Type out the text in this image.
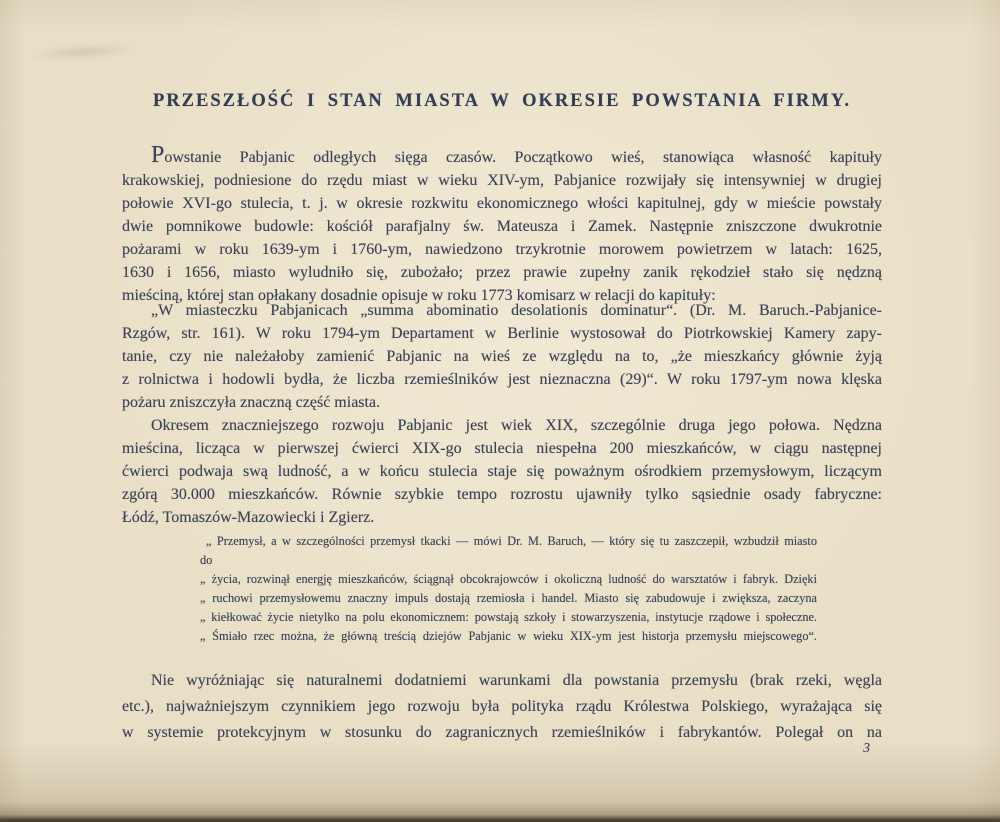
PRZESZŁOŚĆ I STAN MIASTA W OKRESIE POWSTANIA FIRMY.
Powstanie Pabjanic odległych sięga czasów. Początkowo wieś, stanowiąca własność kapituły
krakowskiej, podniesione do rzędu miast w wieku XIV-ym, Pabjanice rozwijały się intensywniej w drugiej
połowie XVI-go stulecia, t. j. w okresie rozkwitu ekonomicznego włości kapitulnej, gdy w mieście powstały
dwie pomnikowe budowle: kościół parafjalny św. Mateusza i Zamek. Następnie zniszczone dwukrotnie
pożarami w roku 1639-ym i 1760-ym, nawiedzono trzykrotnie morowem powietrzem w latach: 1625,
1630 i 1656, miasto wyludniło się, zubożało; przez prawie zupełny zanik rękodzieł stało się nędzną
mieściną, której stan opłakany dosadnie opisuje w roku 1773 komisarz w relacji do kapituły:
„W miasteczku Pabjanicach „summa abominatio desolationis dominatur“. (Dr. M. Baruch.-Pabjanice-
Rzgów, str. 161). W roku 1794-ym Departament w Berlinie wystosował do Piotrkowskiej Kamery zapy-
tanie, czy nie należałoby zamienić Pabjanic na wieś ze względu na to, „że mieszkańcy głównie żyją
z rolnictwa i hodowli bydła, że liczba rzemieślników jest nieznaczna (29)“. W roku 1797-ym nowa klęska
pożaru zniszczyła znaczną część miasta.
Okresem znaczniejszego rozwoju Pabjanic jest wiek XIX, szczególnie druga jego połowa. Nędzna
mieścina, licząca w pierwszej ćwierci XIX-go stulecia niespełna 200 mieszkańców, w ciągu następnej
ćwierci podwaja swą ludność, a w końcu stulecia staje się poważnym ośrodkiem przemysłowym, liczącym
zgórą 30.000 mieszkańców. Równie szybkie tempo rozrostu ujawniły tylko sąsiednie osady fabryczne:
Łódź, Tomaszów-Mazowiecki i Zgierz.
„ Przemysł, a w szczególności przemysł tkacki — mówi Dr. M. Baruch, — który się tu zaszczepił, wzbudził miasto do
„ życia, rozwinął energję mieszkańców, ściągnął obcokrajowców i okoliczną ludność do warsztatów i fabryk. Dzięki
„ ruchowi przemysłowemu znaczny impuls dostają rzemiosła i handel. Miasto się zabudowuje i zwiększa, zaczyna
„ kiełkować życie nietylko na polu ekonomicznem: powstają szkoły i stowarzyszenia, instytucje rządowe i społeczne.
„ Śmiało rzec można, że główną treścią dziejów Pabjanic w wieku XIX-ym jest historja przemysłu miejscowego“.
Nie wyróżniając się naturalnemi dodatniemi warunkami dla powstania przemysłu (brak rzeki, węgla
etc.), najważniejszym czynnikiem jego rozwoju była polityka rządu Królestwa Polskiego, wyrażająca się
w systemie protekcyjnym w stosunku do zagranicznych rzemieślników i fabrykantów. Polegał on na
3
